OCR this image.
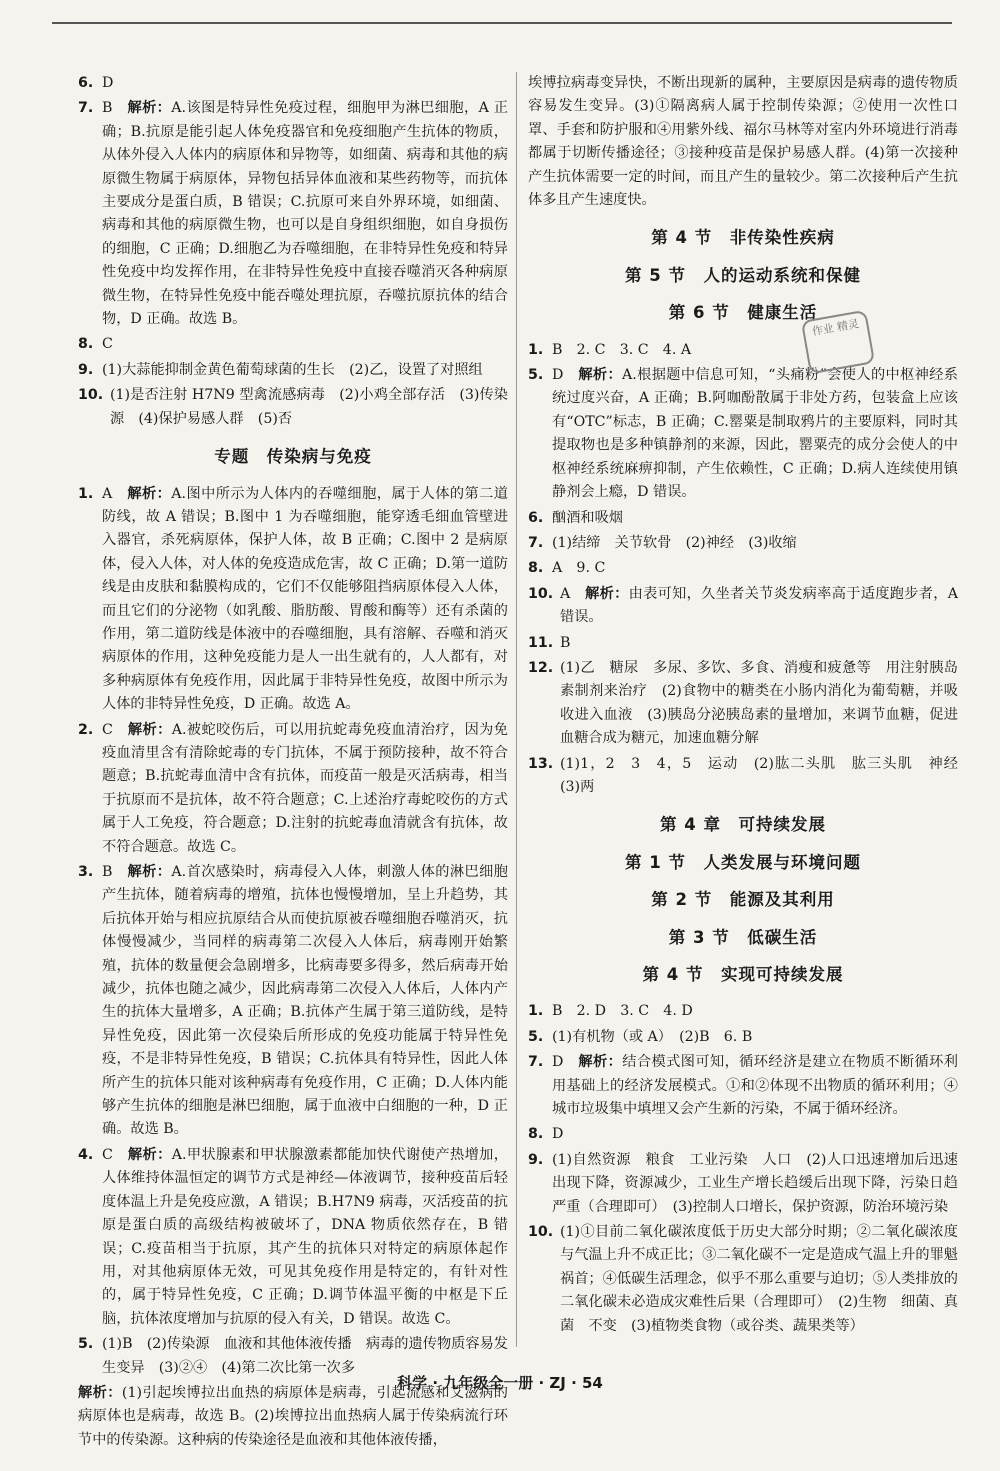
6. D
7. B　 解析：A.该图是特异性免疫过程，细胞甲为淋巴细胞，A 正确；B.抗原是能引起人体免疫器官和免疫细胞产生抗体的物质，从体外侵入人体内的病原体和异物等，如细菌、病毒和其他的病原微生物属于病原体，异物包括异体血液和某些药物等，而抗体主要成分是蛋白质，B 错误；C.抗原可来自外界环境，如细菌、病毒和其他的病原微生物，也可以是自身组织细胞，如自身损伤的细胞，C 正确；D.细胞乙为吞噬细胞，在非特异性免疫和特异性免疫中均发挥作用，在非特异性免疫中直接吞噬消灭各种病原微生物，在特异性免疫中能吞噬处理抗原，吞噬抗原抗体的结合物，D 正确。故选 B。
8. C
9. (1)大蒜能抑制金黄色葡萄球菌的生长　(2)乙，设置了对照组
10. (1)是否注射 H7N9 型禽流感病毒　(2)小鸡全部存活　(3)传染源　(4)保护易感人群　(5)否
专题　传染病与免疫
1. A　 解析：A.图中所示为人体内的吞噬细胞，属于人体的第二道防线，故 A 错误；B.图中 1 为吞噬细胞，能穿透毛细血管壁进入器官，杀死病原体，保护人体，故 B 正确；C.图中 2 是病原体，侵入人体，对人体的免疫造成危害，故 C 正确；D.第一道防线是由皮肤和黏膜构成的，它们不仅能够阻挡病原体侵入人体，而且它们的分泌物（如乳酸、脂肪酸、胃酸和酶等）还有杀菌的作用，第二道防线是体液中的吞噬细胞，具有溶解、吞噬和消灭病原体的作用，这种免疫能力是人一出生就有的，人人都有，对多种病原体有免疫作用，因此属于非特异性免疫，故图中所示为人体的非特异性免疫，D 正确。故选 A。
2. C　 解析：A.被蛇咬伤后，可以用抗蛇毒免疫血清治疗，因为免疫血清里含有清除蛇毒的专门抗体，不属于预防接种，故不符合题意；B.抗蛇毒血清中含有抗体，而疫苗一般是灭活病毒，相当于抗原而不是抗体，故不符合题意；C.上述治疗毒蛇咬伤的方式属于人工免疫，符合题意；D.注射的抗蛇毒血清就含有抗体，故不符合题意。故选 C。
3. B　 解析：A.首次感染时，病毒侵入人体，刺激人体的淋巴细胞产生抗体，随着病毒的增殖，抗体也慢慢增加，呈上升趋势，其后抗体开始与相应抗原结合从而使抗原被吞噬细胞吞噬消灭，抗体慢慢减少，当同样的病毒第二次侵入人体后，病毒刚开始繁殖，抗体的数量便会急剧增多，比病毒要多得多，然后病毒开始减少，抗体也随之减少，因此病毒第二次侵入人体后，人体内产生的抗体大量增多，A 正确；B.抗体产生属于第三道防线，是特异性免疫，因此第一次侵染后所形成的免疫功能属于特异性免疫，不是非特异性免疫，B 错误；C.抗体具有特异性，因此人体所产生的抗体只能对该种病毒有免疫作用，C 正确；D.人体内能够产生抗体的细胞是淋巴细胞，属于血液中白细胞的一种，D 正确。故选 B。
4. C　 解析：A.甲状腺素和甲状腺激素都能加快代谢使产热增加，人体维持体温恒定的调节方式是神经—体液调节，接种疫苗后轻度体温上升是免疫应激，A 错误；B.H7N9 病毒，灭活疫苗的抗原是蛋白质的高级结构被破坏了，DNA 物质依然存在，B 错误；C.疫苗相当于抗原，其产生的抗体只对特定的病原体起作用，对其他病原体无效，可见其免疫作用是特定的，有针对性的，属于特异性免疫，C 正确；D.调节体温平衡的中枢是下丘脑，抗体浓度增加与抗原的侵入有关，D 错误。故选 C。
5. (1)B　(2)传染源　血液和其他体液传播　病毒的遗传物质容易发生变异　(3)②④　(4)第二次比第一次多
解析：(1)引起埃博拉出血热的病原体是病毒，引起流感和艾滋病的病原体也是病毒，故选 B。(2)埃博拉出血热病人属于传染病流行环节中的传染源。这种病的传染途径是血液和其他体液传播，
埃博拉病毒变异快，不断出现新的属种，主要原因是病毒的遗传物质容易发生变异。(3)①隔离病人属于控制传染源；②使用一次性口罩、手套和防护服和④用紫外线、福尔马林等对室内外环境进行消毒都属于切断传播途径；③接种疫苗是保护易感人群。(4)第一次接种产生抗体需要一定的时间，而且产生的量较少。第二次接种后产生抗体多且产生速度快。
第 4 节　非传染性疾病
第 5 节　人的运动系统和保健
第 6 节　健康生活
1. B　2. C　3. C　4. A
5. D　 解析：A.根据题中信息可知，“头痛粉”会使人的中枢神经系统过度兴奋，A 正确；B.阿咖酚散属于非处方药，包装盒上应该有“OTC”标志，B 正确；C.罂粟是制取鸦片的主要原料，同时其提取物也是多种镇静剂的来源，因此，罂粟壳的成分会使人的中枢神经系统麻痹抑制，产生依赖性，C 正确；D.病人连续使用镇静剂会上瘾，D 错误。
6. 酗酒和吸烟
7. (1)结缔　关节软骨　(2)神经　(3)收缩
8. A　9. C
10. A　 解析：由表可知，久坐者关节炎发病率高于适度跑步者，A 错误。
11. B
12. (1)乙　糖尿　多尿、多饮、多食、消瘦和疲惫等　用注射胰岛素制剂来治疗　(2)食物中的糖类在小肠内消化为葡萄糖，并吸收进入血液　(3)胰岛分泌胰岛素的量增加，来调节血糖，促进血糖合成为糖元，加速血糖分解
13. (1)1，2　3　4，5　运动　(2)肱二头肌　肱三头肌　神经　(3)两
第 4 章　可持续发展
第 1 节　人类发展与环境问题
第 2 节　能源及其利用
第 3 节　低碳生活
第 4 节　实现可持续发展
1. B　2. D　3. C　4. D
5. (1)有机物（或 A）　(2)B　6. B
7. D　 解析：结合模式图可知，循环经济是建立在物质不断循环利用基础上的经济发展模式。①和②体现不出物质的循环利用；④城市垃圾集中填埋又会产生新的污染，不属于循环经济。
8. D
9. (1)自然资源　粮食　工业污染　人口　(2)人口迅速增加后迅速出现下降，资源减少，工业生产增长趋缓后出现下降，污染日趋严重（合理即可）　(3)控制人口增长，保护资源，防治环境污染
10. (1)①目前二氧化碳浓度低于历史大部分时期；②二氧化碳浓度与气温上升不成正比；③二氧化碳不一定是造成气温上升的罪魁祸首；④低碳生活理念，似乎不那么重要与迫切；⑤人类排放的二氧化碳未必造成灾难性后果（合理即可）　(2)生物　细菌、真菌　不变　(3)植物类食物（或谷类、蔬果类等）
作业 精灵
科学 · 九年级全一册 · ZJ · 54
